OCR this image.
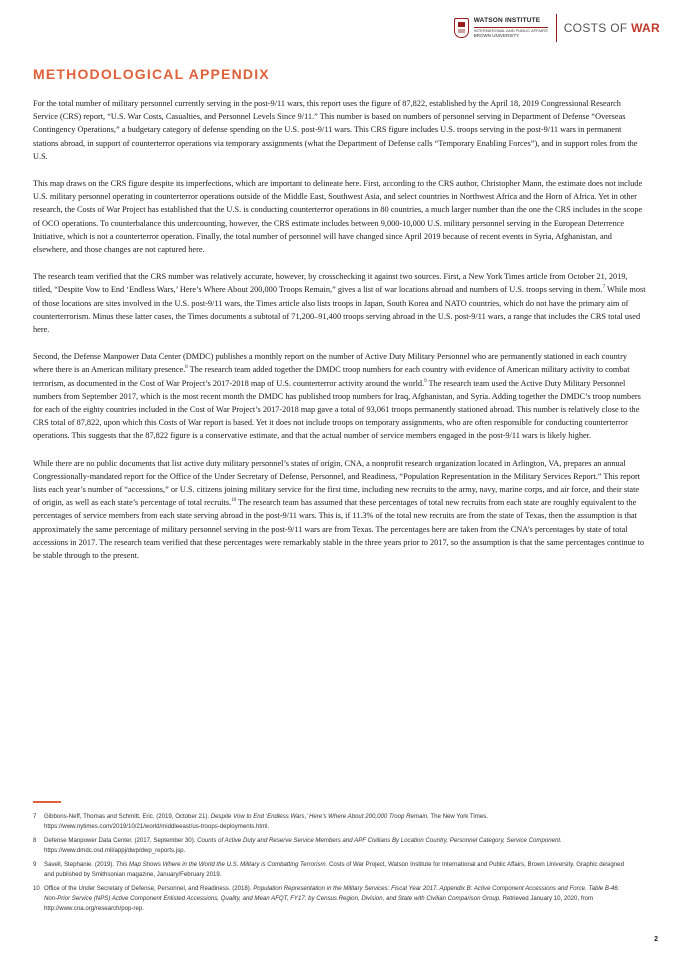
WATSON INSTITUTE
INTERNATIONAL AND PUBLIC AFFAIRS
BROWN UNIVERSITY	COSTS OF WAR
METHODOLOGICAL APPENDIX

For the total number of military personnel currently serving in the post-9/11 wars, this report uses the figure of 87,822, established by the April 18, 2019 Congressional Research Service (CRS) report, “U.S. War Costs, Casualties, and Personnel Levels Since 9/11.” This number is based on numbers of personnel serving in Department of Defense “Overseas Contingency Operations,” a budgetary category of defense spending on the U.S. post-9/11 wars. This CRS figure includes U.S. troops serving in the post-9/11 wars in permanent stations abroad, in support of counterterror operations via temporary assignments (what the Department of Defense calls “Temporary Enabling Forces”), and in support roles from the U.S.

This map draws on the CRS figure despite its imperfections, which are important to delineate here. First, according to the CRS author, Christopher Mann, the estimate does not include U.S. military personnel operating in counterterror operations outside of the Middle East, Southwest Asia, and select countries in Northwest Africa and the Horn of Africa. Yet in other research, the Costs of War Project has established that the U.S. is conducting counterterror operations in 80 countries, a much larger number than the one the CRS includes in the scope of OCO operations. To counterbalance this undercounting, however, the CRS estimate includes between 9,000-10,000 U.S. military personnel serving in the European Deterrence Initiative, which is not a counterterror operation. Finally, the total number of personnel will have changed since April 2019 because of recent events in Syria, Afghanistan, and elsewhere, and those changes are not captured here.

The research team verified that the CRS number was relatively accurate, however, by crosschecking it against two sources. First, a New York Times article from October 21, 2019, titled, “Despite Vow to End ‘Endless Wars,’ Here’s Where About 200,000 Troops Remain,” gives a list of war locations abroad and numbers of U.S. troops serving in them.$^7$ While most of those locations are sites involved in the U.S. post-9/11 wars, the Times article also lists troops in Japan, South Korea and NATO countries, which do not have the primary aim of counterterrorism. Minus these latter cases, the Times documents a subtotal of 71,200–91,400 troops serving abroad in the U.S. post-9/11 wars, a range that includes the CRS total used here.

Second, the Defense Manpower Data Center (DMDC) publishes a monthly report on the number of Active Duty Military Personnel who are permanently stationed in each country where there is an American military presence.$^8$ The research team added together the DMDC troop numbers for each country with evidence of American military activity to combat terrorism, as documented in the Cost of War Project’s 2017-2018 map of U.S. counterterror activity around the world.$^9$ The research team used the Active Duty Military Personnel numbers from September 2017, which is the most recent month the DMDC has published troop numbers for Iraq, Afghanistan, and Syria. Adding together the DMDC’s troop numbers for each of the eighty countries included in the Cost of War Project’s 2017-2018 map gave a total of 93,061 troops permanently stationed abroad. This number is relatively close to the CRS total of 87,822, upon which this Costs of War report is based. Yet it does not include troops on temporary assignments, who are often responsible for conducting counterterror operations. This suggests that the 87,822 figure is a conservative estimate, and that the actual number of service members engaged in the post-9/11 wars is likely higher.

While there are no public documents that list active duty military personnel’s states of origin, CNA, a nonprofit research organization located in Arlington, VA, prepares an annual Congressionally-mandated report for the Office of the Under Secretary of Defense, Personnel, and Readiness, “Population Representation in the Military Services Report.” This report lists each year’s number of “accessions,” or U.S. citizens joining military service for the first time, including new recruits to the army, navy, marine corps, and air force, and their state of origin, as well as each state’s percentage of total recruits.$^{10}$ The research team has assumed that these percentages of total new recruits from each state are roughly equivalent to the percentages of service members from each state serving abroad in the post-9/11 wars. This is, if 11.3% of the total new recruits are from the state of Texas, then the assumption is that approximately the same percentage of military personnel serving in the post-9/11 wars are from Texas. The percentages here are taken from the CNA’s percentages by state of total accessions in 2017. The research team verified that these percentages were remarkably stable in the three years prior to 2017, so the assumption is that the same percentages continue to be stable through to the present.

7	Gibbons-Neff, Thomas and Schmitt, Eric. (2019, October 21). Despite Vow to End ‘Endless Wars,’ Here’s Where About 200,000 Troop Remain. The New York Times. https://www.nytimes.com/2019/10/21/world/middleeast/us-troops-deployments.html.
8	Defense Manpower Data Center. (2017, September 30). Counts of Active Duty and Reserve Service Members and APF Civilians By Location Country, Personnel Category, Service Component. https://www.dmdc.osd.mil/appj/dwp/dwp_reports.jsp.
9	Savell, Stephanie. (2019). This Map Shows Where in the World the U.S. Military is Combatting Terrorism. Costs of War Project, Watson Institute for International and Public Affairs, Brown University. Graphic designed and published by Smithsonian magazine, January/February 2019.
10 Office of the Under Secretary of Defense, Personnel, and Readiness. (2018). Population Representation in the Military Services: Fiscal Year 2017. Appendix B: Active Component Accessions and Force. Table B-46: Non-Prior Service (NPS) Active Component Enlisted Accessions, Quality, and Mean AFQT, FY17: by Census Region, Division, and State with Civilian Comparison Group. Retrieved January 10, 2020, from http://www.cna.org/research/pop-rep.
2
